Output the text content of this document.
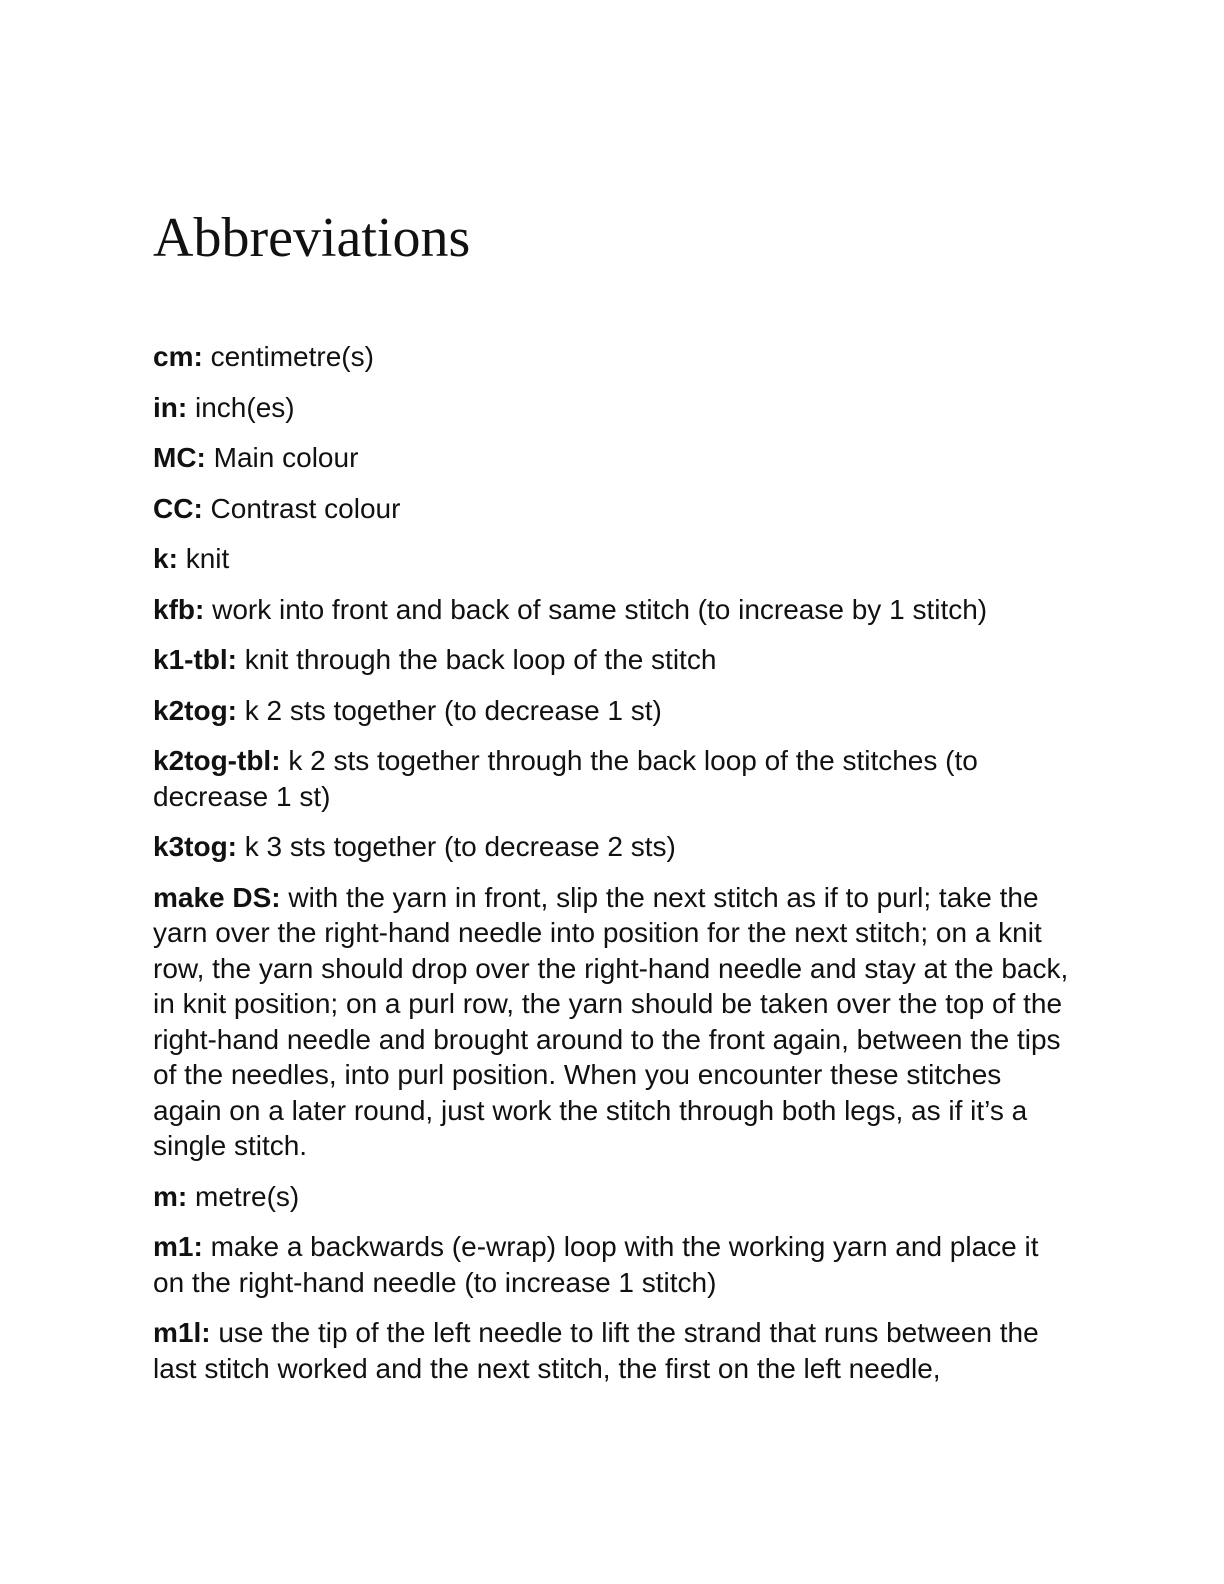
Abbreviations
cm: centimetre(s)
in: inch(es)
MC: Main colour
CC: Contrast colour
k: knit
kfb: work into front and back of same stitch (to increase by 1 stitch)
k1-tbl: knit through the back loop of the stitch
k2tog: k 2 sts together (to decrease 1 st)
k2tog-tbl: k 2 sts together through the back loop of the stitches (to decrease 1 st)
k3tog: k 3 sts together (to decrease 2 sts)
make DS: with the yarn in front, slip the next stitch as if to purl; take the yarn over the right-hand needle into position for the next stitch; on a knit row, the yarn should drop over the right-hand needle and stay at the back, in knit position; on a purl row, the yarn should be taken over the top of the right-hand needle and brought around to the front again, between the tips of the needles, into purl position. When you encounter these stitches again on a later round, just work the stitch through both legs, as if it’s a single stitch.
m: metre(s)
m1: make a backwards (e-wrap) loop with the working yarn and place it on the right-hand needle (to increase 1 stitch)
m1l: use the tip of the left needle to lift the strand that runs between the last stitch worked and the next stitch, the first on the left needle,
